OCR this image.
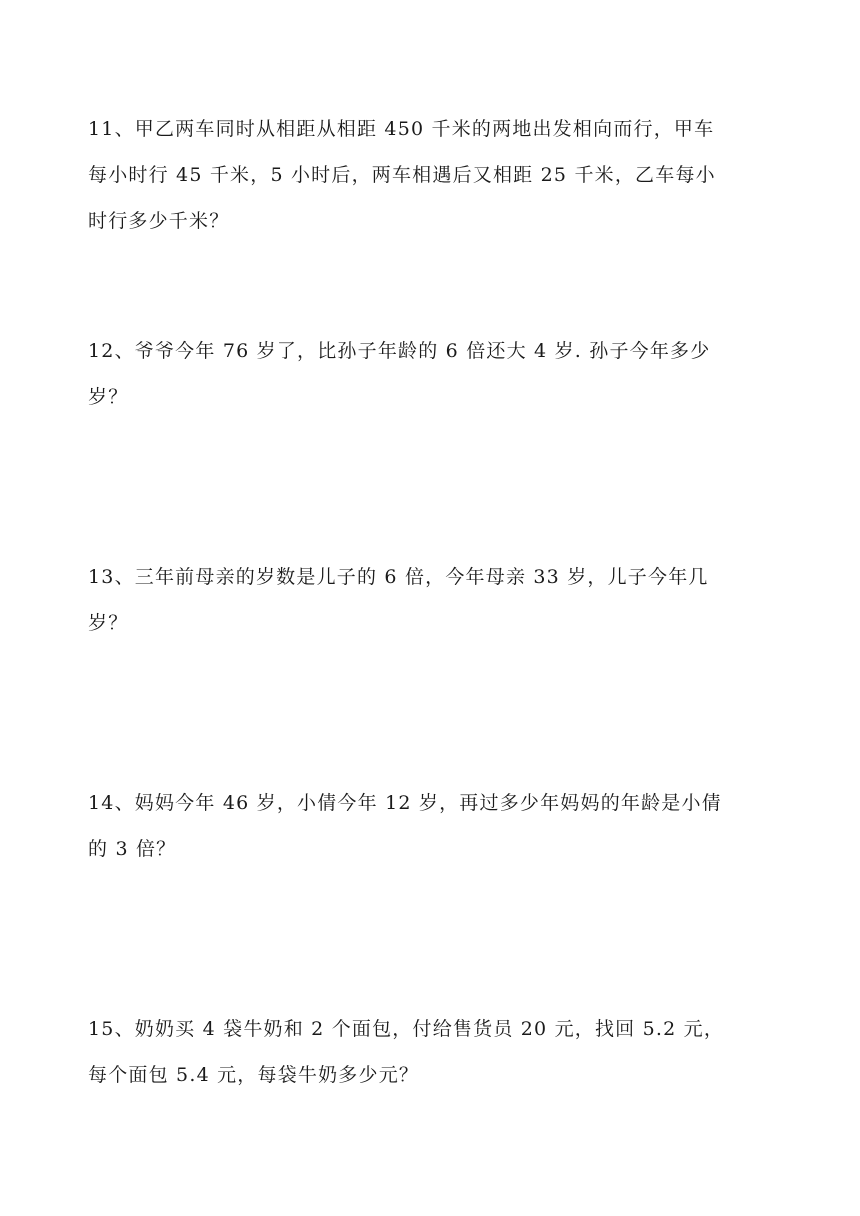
11、甲乙两车同时从相距从相距 450 千米的两地出发相向而行，甲车

每小时行 45 千米，5 小时后，两车相遇后又相距 25 千米，乙车每小

时行多少千米？

12、爷爷今年 76 岁了，比孙子年龄的 6 倍还大 4 岁. 孙子今年多少

岁？

13、三年前母亲的岁数是儿子的 6 倍，今年母亲 33 岁，儿子今年几

岁？

14、妈妈今年 46 岁，小倩今年 12 岁，再过多少年妈妈的年龄是小倩

的 3 倍？

15、奶奶买 4 袋牛奶和 2 个面包，付给售货员 20 元，找回 5.2 元，

每个面包 5.4 元，每袋牛奶多少元？
